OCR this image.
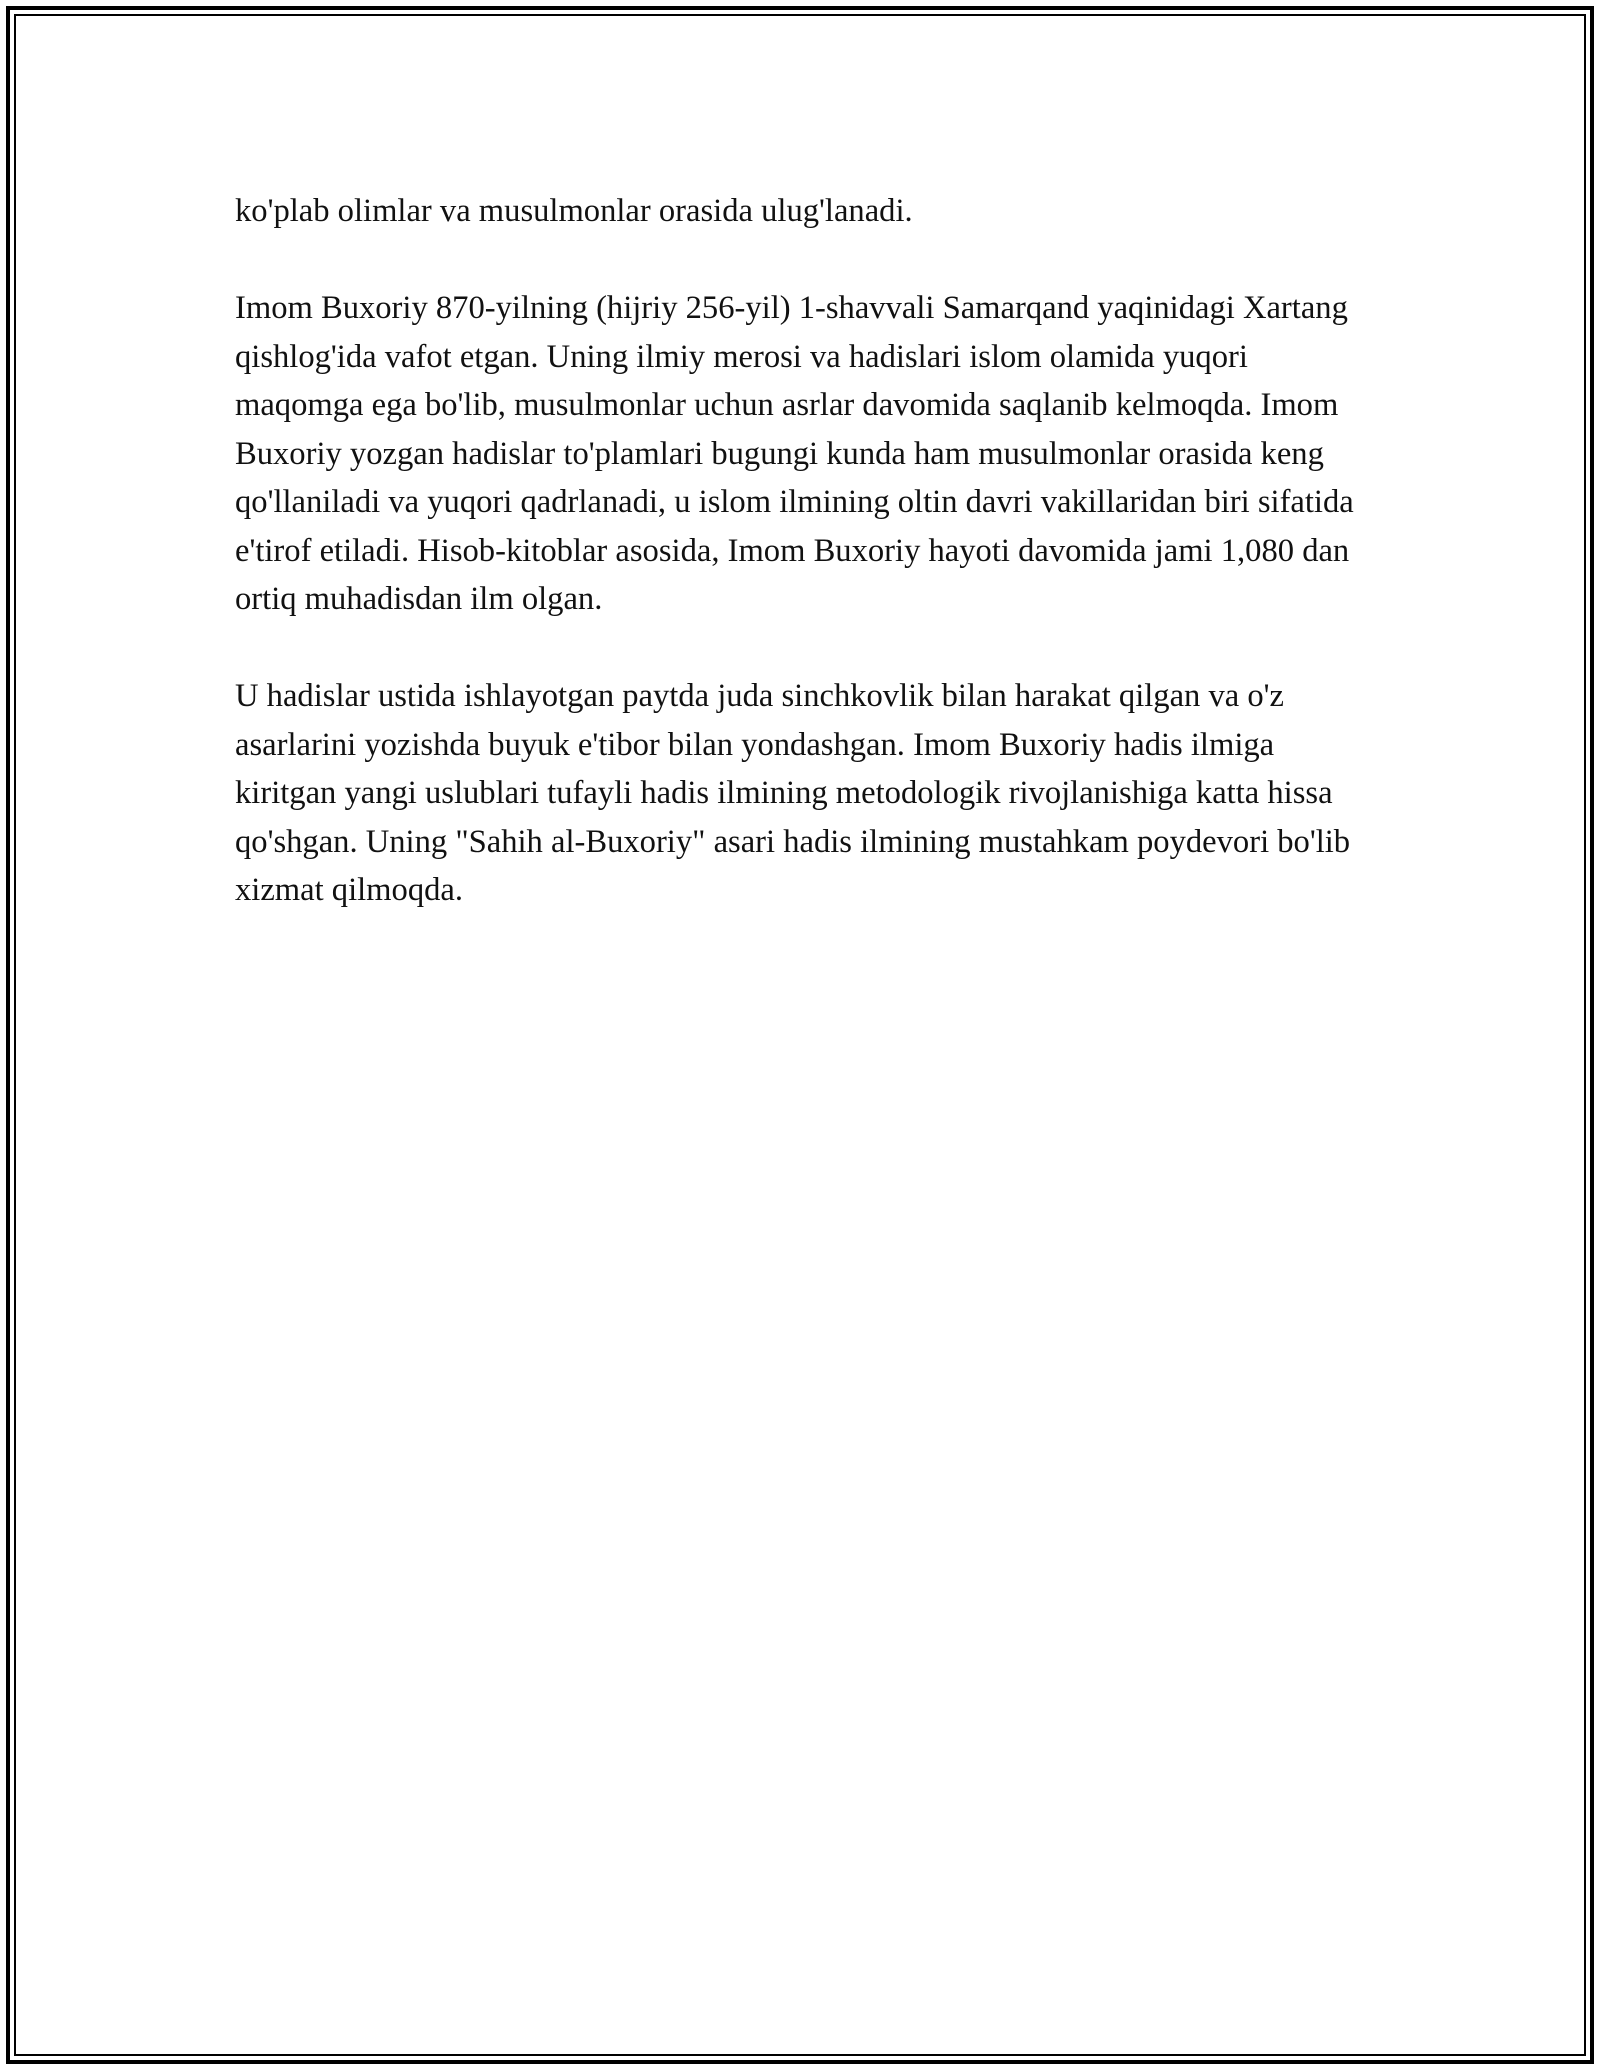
ko'plab olimlar va musulmonlar orasida ulug'lanadi.

Imom Buxoriy 870-yilning (hijriy 256-yil) 1-shavvali Samarqand yaqinidagi Xartang qishlog'ida vafot etgan. Uning ilmiy merosi va hadislari islom olamida yuqori maqomga ega bo'lib, musulmonlar uchun asrlar davomida saqlanib kelmoqda. Imom Buxoriy yozgan hadislar to'plamlari bugungi kunda ham musulmonlar orasida keng qo'llaniladi va yuqori qadrlanadi, u islom ilmining oltin davri vakillaridan biri sifatida e'tirof etiladi. Hisob-kitoblar asosida, Imom Buxoriy hayoti davomida jami 1,080 dan ortiq muhadisdan ilm olgan.

U hadislar ustida ishlayotgan paytda juda sinchkovlik bilan harakat qilgan va o'z asarlarini yozishda buyuk e'tibor bilan yondashgan. Imom Buxoriy hadis ilmiga kiritgan yangi uslublari tufayli hadis ilmining metodologik rivojlanishiga katta hissa qo'shgan. Uning "Sahih al-Buxoriy" asari hadis ilmining mustahkam poydevori bo'lib xizmat qilmoqda.
